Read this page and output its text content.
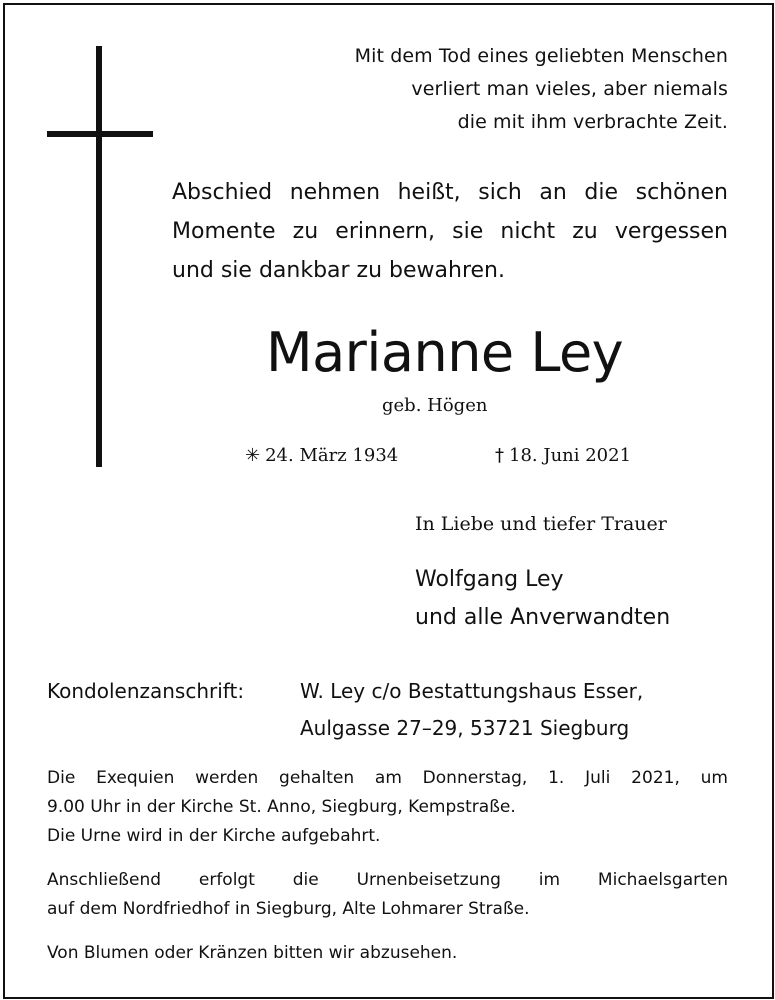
Mit dem Tod eines geliebten Menschen
verliert man vieles, aber niemals
die mit ihm verbrachte Zeit.
Abschied nehmen heißt, sich an die schönen
Momente zu erinnern, sie nicht zu vergessen
und sie dankbar zu bewahren.
Marianne Ley
geb. Högen
✳ 24. März 1934	† 18. Juni 2021
In Liebe und tiefer Trauer
Wolfgang Ley
und alle Anverwandten
Kondolenzanschrift:	W. Ley c/o Bestattungshaus Esser,
Aulgasse 27–29, 53721 Siegburg
Die Exequien werden gehalten am Donnerstag, 1. Juli 2021, um
9.00 Uhr in der Kirche St. Anno, Siegburg, Kempstraße.
Die Urne wird in der Kirche aufgebahrt.
Anschließend erfolgt die Urnenbeisetzung im Michaelsgarten
auf dem Nordfriedhof in Siegburg, Alte Lohmarer Straße.
Von Blumen oder Kränzen bitten wir abzusehen.
